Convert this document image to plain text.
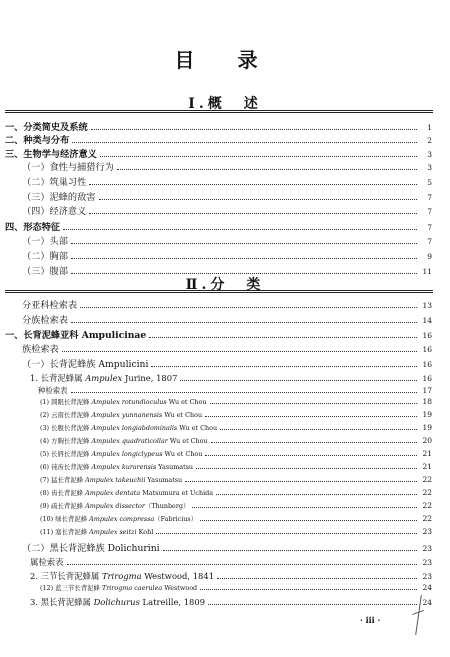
目 录
I.概　述
Ⅱ.分　类
一、分类简史及系统	1
二、种类与分布	2
三、生物学与经济意义	3
（一）食性与捕猎行为	3
（二）筑巢习性	5
（三）泥蜂的敌害	7
（四）经济意义	7
四、形态特征	7
（一）头部	7
（二）胸部	9
（三）腹部	11
分亚科检索表	13
分族检索表	14
一、长背泥蜂亚科 Ampulicinae	16
族检索表	16
（一）长背泥蜂族 Ampulicini	16
1. 长背泥蜂属 Ampulex Jurine, 1807	16
种检索表	17
(1) 圆眼长背泥蜂 Ampulex rotundioculus Wu et Chou	18
(2) 云南长背泥蜂 Ampulex yunnanensis Wu et Chou	19
(3) 长腹长背泥蜂 Ampulex longiabdominalis Wu et Chou	19
(4) 方胸长背泥蜂 Ampulex quadraticollar Wu et Chou	20
(5) 长唇长背泥蜂 Ampulex longiclypeus Wu et Chou	21
(6) 钝齿长背泥蜂 Ampulex kurarensis Yasumatsu	21
(7) 猛长背泥蜂 Ampulex takeuchii Yasumatsu	22
(8) 齿长背泥蜂 Ampulex dentata Matsumura et Uchida	22
(9) 疏长背泥蜂 Ampulex dissector（Thunberg）	22
(10) 绿长背泥蜂 Ampulex compressa（Fabricius）	22
(11) 塞长背泥蜂 Ampulex seitzi Kohl	23
（二）黑长背泥蜂族 Dolichurini	23
属检索表	23
2. 三节长背泥蜂属 Trirogma Westwood, 1841	23
(12) 蓝三节长背泥蜂 Trirogma caerulea Westwood	24
3. 黑长背泥蜂属 Dolichurus Latreille, 1809	24
· iii ·
